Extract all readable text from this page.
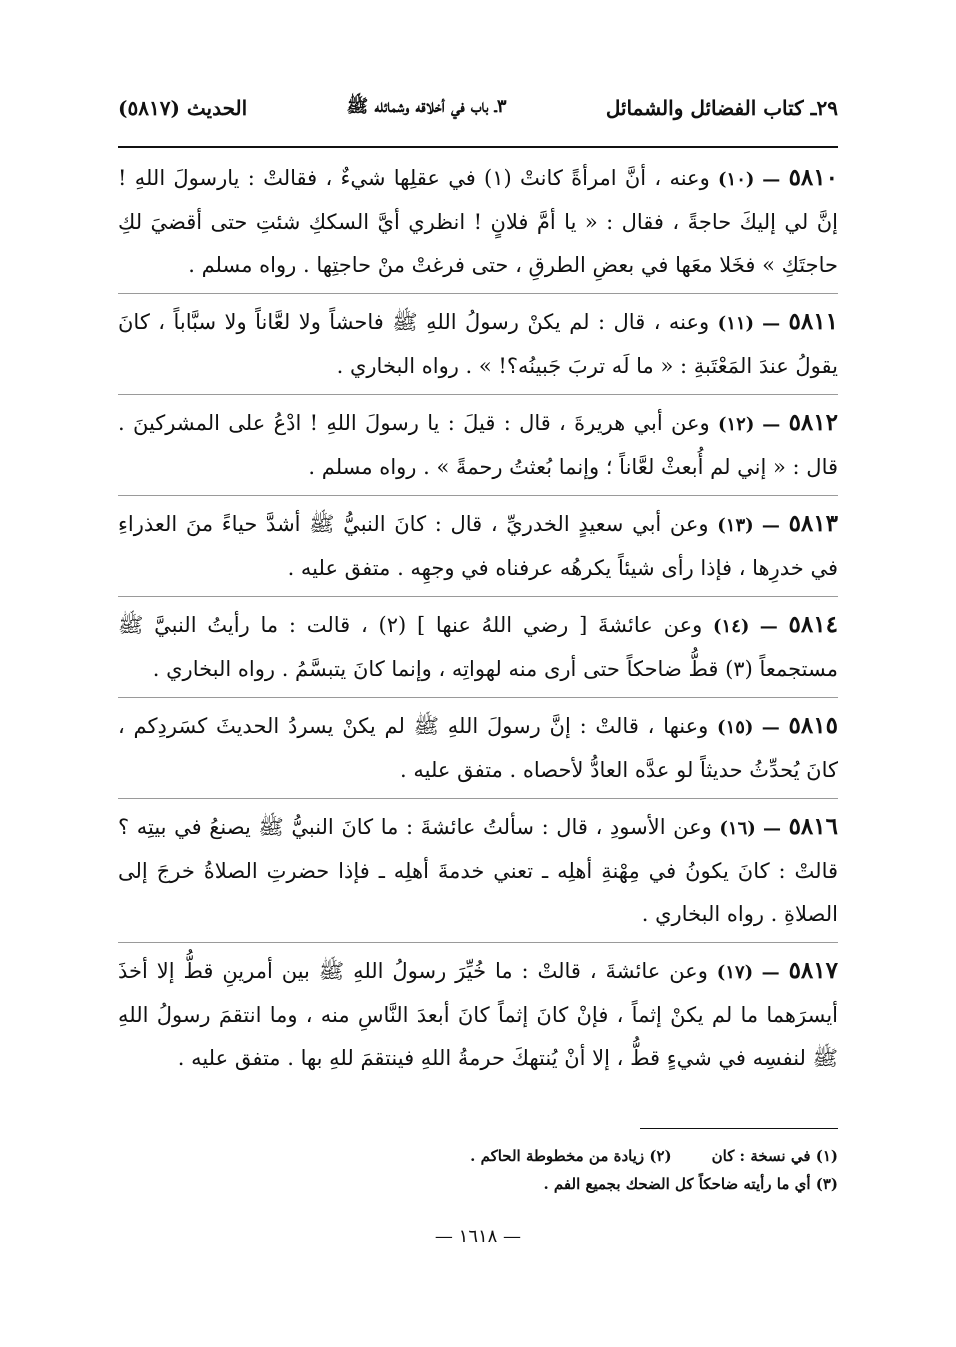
٢٩ـ كتاب الفضائل والشمائل
٣ـ باب في أخلاقه وشمائله ﷺ
الحديث (٥٨١٧)

٥٨١٠ — (١٠) وعنه ، أنَّ امرأةً كانتْ (١) في عقلِها شيءٌ ، فقالتْ : يارسولَ اللهِ ! إنَّ لي إليكَ حاجةً ، فقال : « يا أمَّ فلانٍ ! انظري أيَّ السككِ شئتِ حتى أقضيَ لكِ حاجتَكِ » فخَلا معَها في بعضِ الطرقِ ، حتى فرغتْ منْ حاجتِها . رواه مسلم .

٥٨١١ — (١١) وعنه ، قال : لم يكنْ رسولُ اللهِ ﷺ فاحشاً ولا لعَّاناً ولا سبَّاباً ، كانَ يقولُ عندَ المَعْتَبةِ : « ما لَه تربَ جَبينُه؟! » . رواه البخاري .

٥٨١٢ — (١٢) وعن أبي هريرةَ ، قال : قيلَ : يا رسولَ اللهِ ! ادْعُ على المشركينَ . قال : « إني لم أُبعثْ لعَّاناً ؛ وإنما بُعثتُ رحمةً » . رواه مسلم .

٥٨١٣ — (١٣) وعن أبي سعيدٍ الخدريِّ ، قال : كانَ النبيُّ ﷺ أشدَّ حياءً منَ العذراءِ في خدرِها ، فإذا رأى شيئاً يكرهُه عرفناه في وجهِه . متفق عليه .

٥٨١٤ — (١٤) وعن عائشةَ [ رضي اللهُ عنها ] (٢) ، قالت : ما رأيتُ النبيَّ ﷺ مستجمعاً (٣) قطُّ ضاحكاً حتى أرى منه لهواتِه ، وإنما كانَ يتبسَّمُ . رواه البخاري .

٥٨١٥ — (١٥) وعنها ، قالتْ : إنَّ رسولَ اللهِ ﷺ لم يكنْ يسردُ الحديثَ كسَردِكم ، كانَ يُحدِّثُ حديثاً لو عدَّه العادُّ لأحصاه . متفق عليه .

٥٨١٦ — (١٦) وعن الأسودِ ، قال : سألتُ عائشةَ : ما كانَ النبيُّ ﷺ يصنعُ في بيتِه ؟ قالتْ : كانَ يكونُ في مِهْنةِ أهلِه ـ تعني خدمةَ أهلِه ـ فإذا حضرتِ الصلاةُ خرجَ إلى الصلاةِ . رواه البخاري .

٥٨١٧ — (١٧) وعن عائشةَ ، قالتْ : ما خُيِّرَ رسولُ اللهِ ﷺ بين أمرينِ قطُّ إلا أخذَ أيسرَهما ما لم يكنْ إثماً ، فإنْ كانَ إثماً كانَ أبعدَ النَّاسِ منه ، وما انتقمَ رسولُ اللهِ ﷺ لنفسِه في شيءٍ قطُّ ، إلا أنْ يُنتهكَ حرمةُ اللهِ فينتقمَ للهِ بها . متفق عليه .

(١) في نسخة : كان
(٢) زيادة من مخطوطة الحاكم .
(٣) أي ما رأيته ضاحكاً كل الضحك بجميع الفم .
— ١٦١٨ —
